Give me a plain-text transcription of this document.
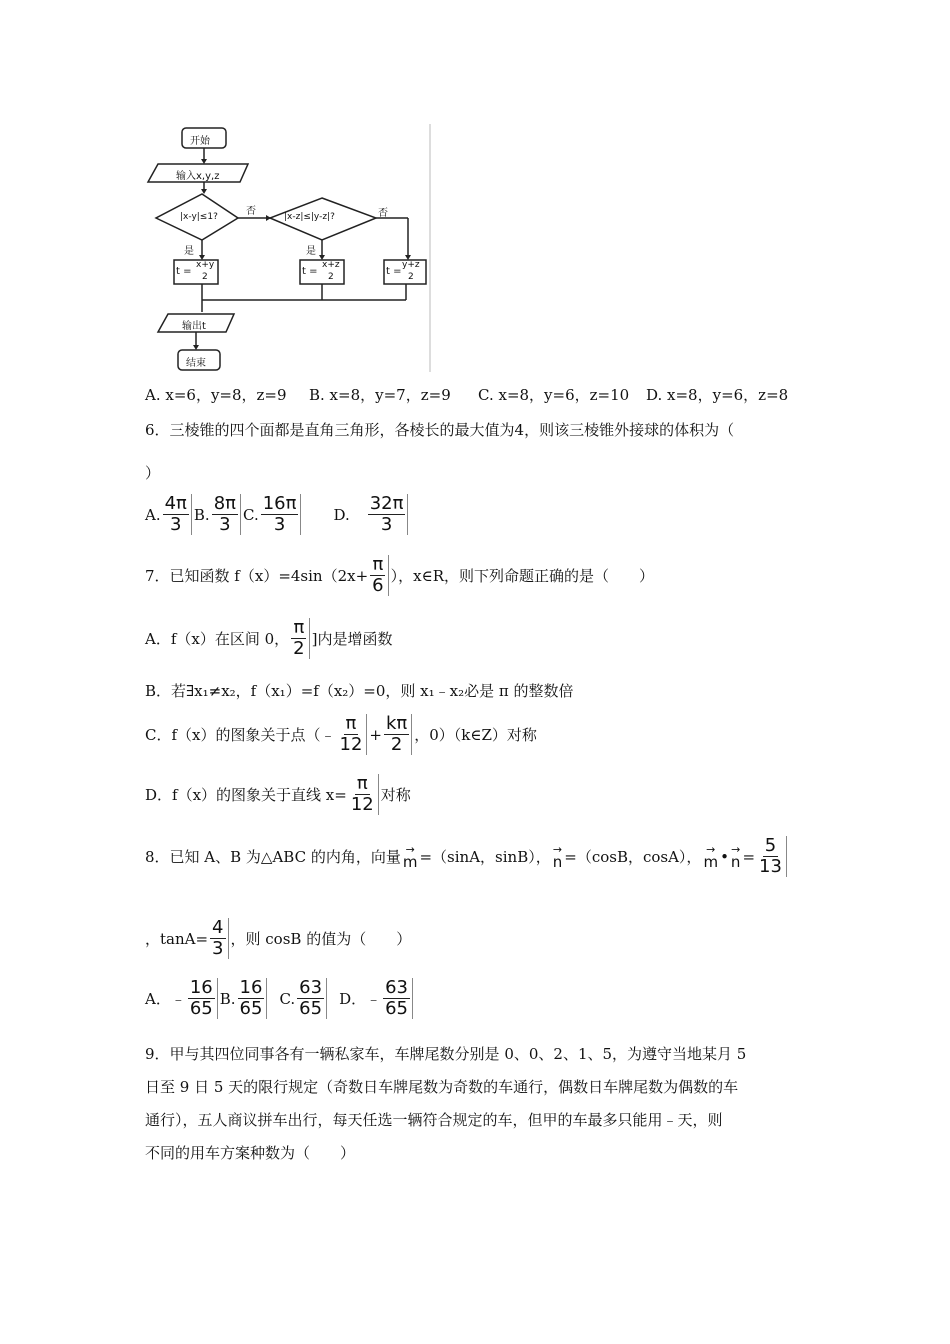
开始
输入x,y,z
|x-y|≤1?	|x-z|≤|y-z|?
否	否
是	是
t =
x+y
2	t =
x+z
2	t =
y+z
2
输出t
结束
A. x=6，y=8，z=9 B. x=8，y=7，z=9 C. x=8，y=6，z=10 D. x=8，y=6，z=8
6．三棱锥的四个面都是直角三角形，各棱长的最大值为4，则该三棱锥外接球的体积为（
）
A. $\frac{4\pi}{3} B$. $\frac{8\pi}{3} C$. $\frac{16\pi}{3} D$. $\frac{32\pi}{3}$
7．已知函数 $f(x)=4\sin(2x+ \frac{\pi}{6}$ ），x∈R，则下列命题正确的是（　　）
A．f（x）在区间 0， $\frac{\pi}{2}$ ]内是增函数
B．若∃x₁≠x₂，f（x₁）=f（x₂）=0，则 x₁﹣x₂必是 π 的整数倍
C．f（x）的图象关于点（﹣ $\frac{\pi}{12} + \frac{k\pi}{2}$ ，0）（k∈Z）对称
D．f（x）的图象关于直线 $x= \frac{\pi}{12}$ 对称
8．已知 A、B 为△ABC 的内角，向量 →
m =（sinA，sinB）， →
n =（cosB，cosA）， →
m • →
$n = \frac{5}{13}$
，$\tan A= \frac{4}{3}$ ，则 cosB 的值为（　　）
A．﹣ $\frac{16}{65} B$. $\frac{16}{65} C$. $\frac{63}{65}$ D．﹣ $\frac{63}{65}$
9．甲与其四位同事各有一辆私家车，车牌尾数分别是 0、0、2、1、5，为遵守当地某月 5
日至 9 日 5 天的限行规定（奇数日车牌尾数为奇数的车通行，偶数日车牌尾数为偶数的车
通行），五人商议拼车出行，每天任选一辆符合规定的车，但甲的车最多只能用﹣天，则
不同的用车方案种数为（　　）
